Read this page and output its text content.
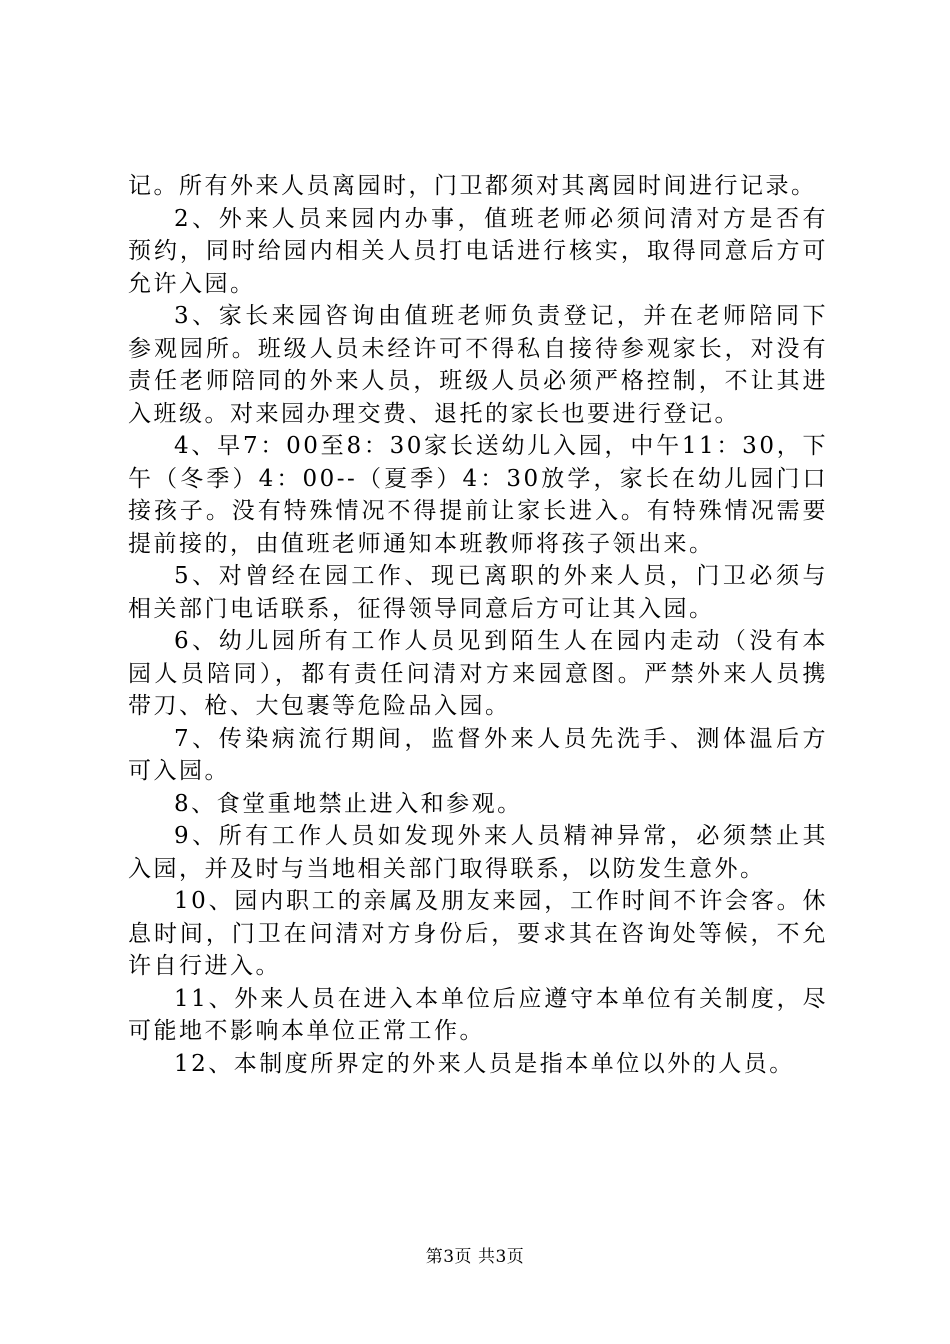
记。所有外来人员离园时，门卫都须对其离园时间进行记录。

2、外来人员来园内办事，值班老师必须问清对方是否有预约，同时给园内相关人员打电话进行核实，取得同意后方可允许入园。

3、家长来园咨询由值班老师负责登记，并在老师陪同下参观园所。班级人员未经许可不得私自接待参观家长，对没有责任老师陪同的外来人员，班级人员必须严格控制，不让其进入班级。对来园办理交费、退托的家长也要进行登记。

4、早7：00至8：30家长送幼儿入园，中午11：30，下午（冬季）4：00--（夏季）4：30放学，家长在幼儿园门口接孩子。没有特殊情况不得提前让家长进入。有特殊情况需要提前接的，由值班老师通知本班教师将孩子领出来。

5、对曾经在园工作、现已离职的外来人员，门卫必须与相关部门电话联系，征得领导同意后方可让其入园。

6、幼儿园所有工作人员见到陌生人在园内走动（没有本园人员陪同），都有责任问清对方来园意图。严禁外来人员携带刀、枪、大包裹等危险品入园。

7、传染病流行期间，监督外来人员先洗手、测体温后方可入园。

8、食堂重地禁止进入和参观。

9、所有工作人员如发现外来人员精神异常，必须禁止其入园，并及时与当地相关部门取得联系，以防发生意外。

10、园内职工的亲属及朋友来园，工作时间不许会客。休息时间，门卫在问清对方身份后，要求其在咨询处等候，不允许自行进入。

11、外来人员在进入本单位后应遵守本单位有关制度，尽可能地不影响本单位正常工作。

12、本制度所界定的外来人员是指本单位以外的人员。

第3页 共3页
